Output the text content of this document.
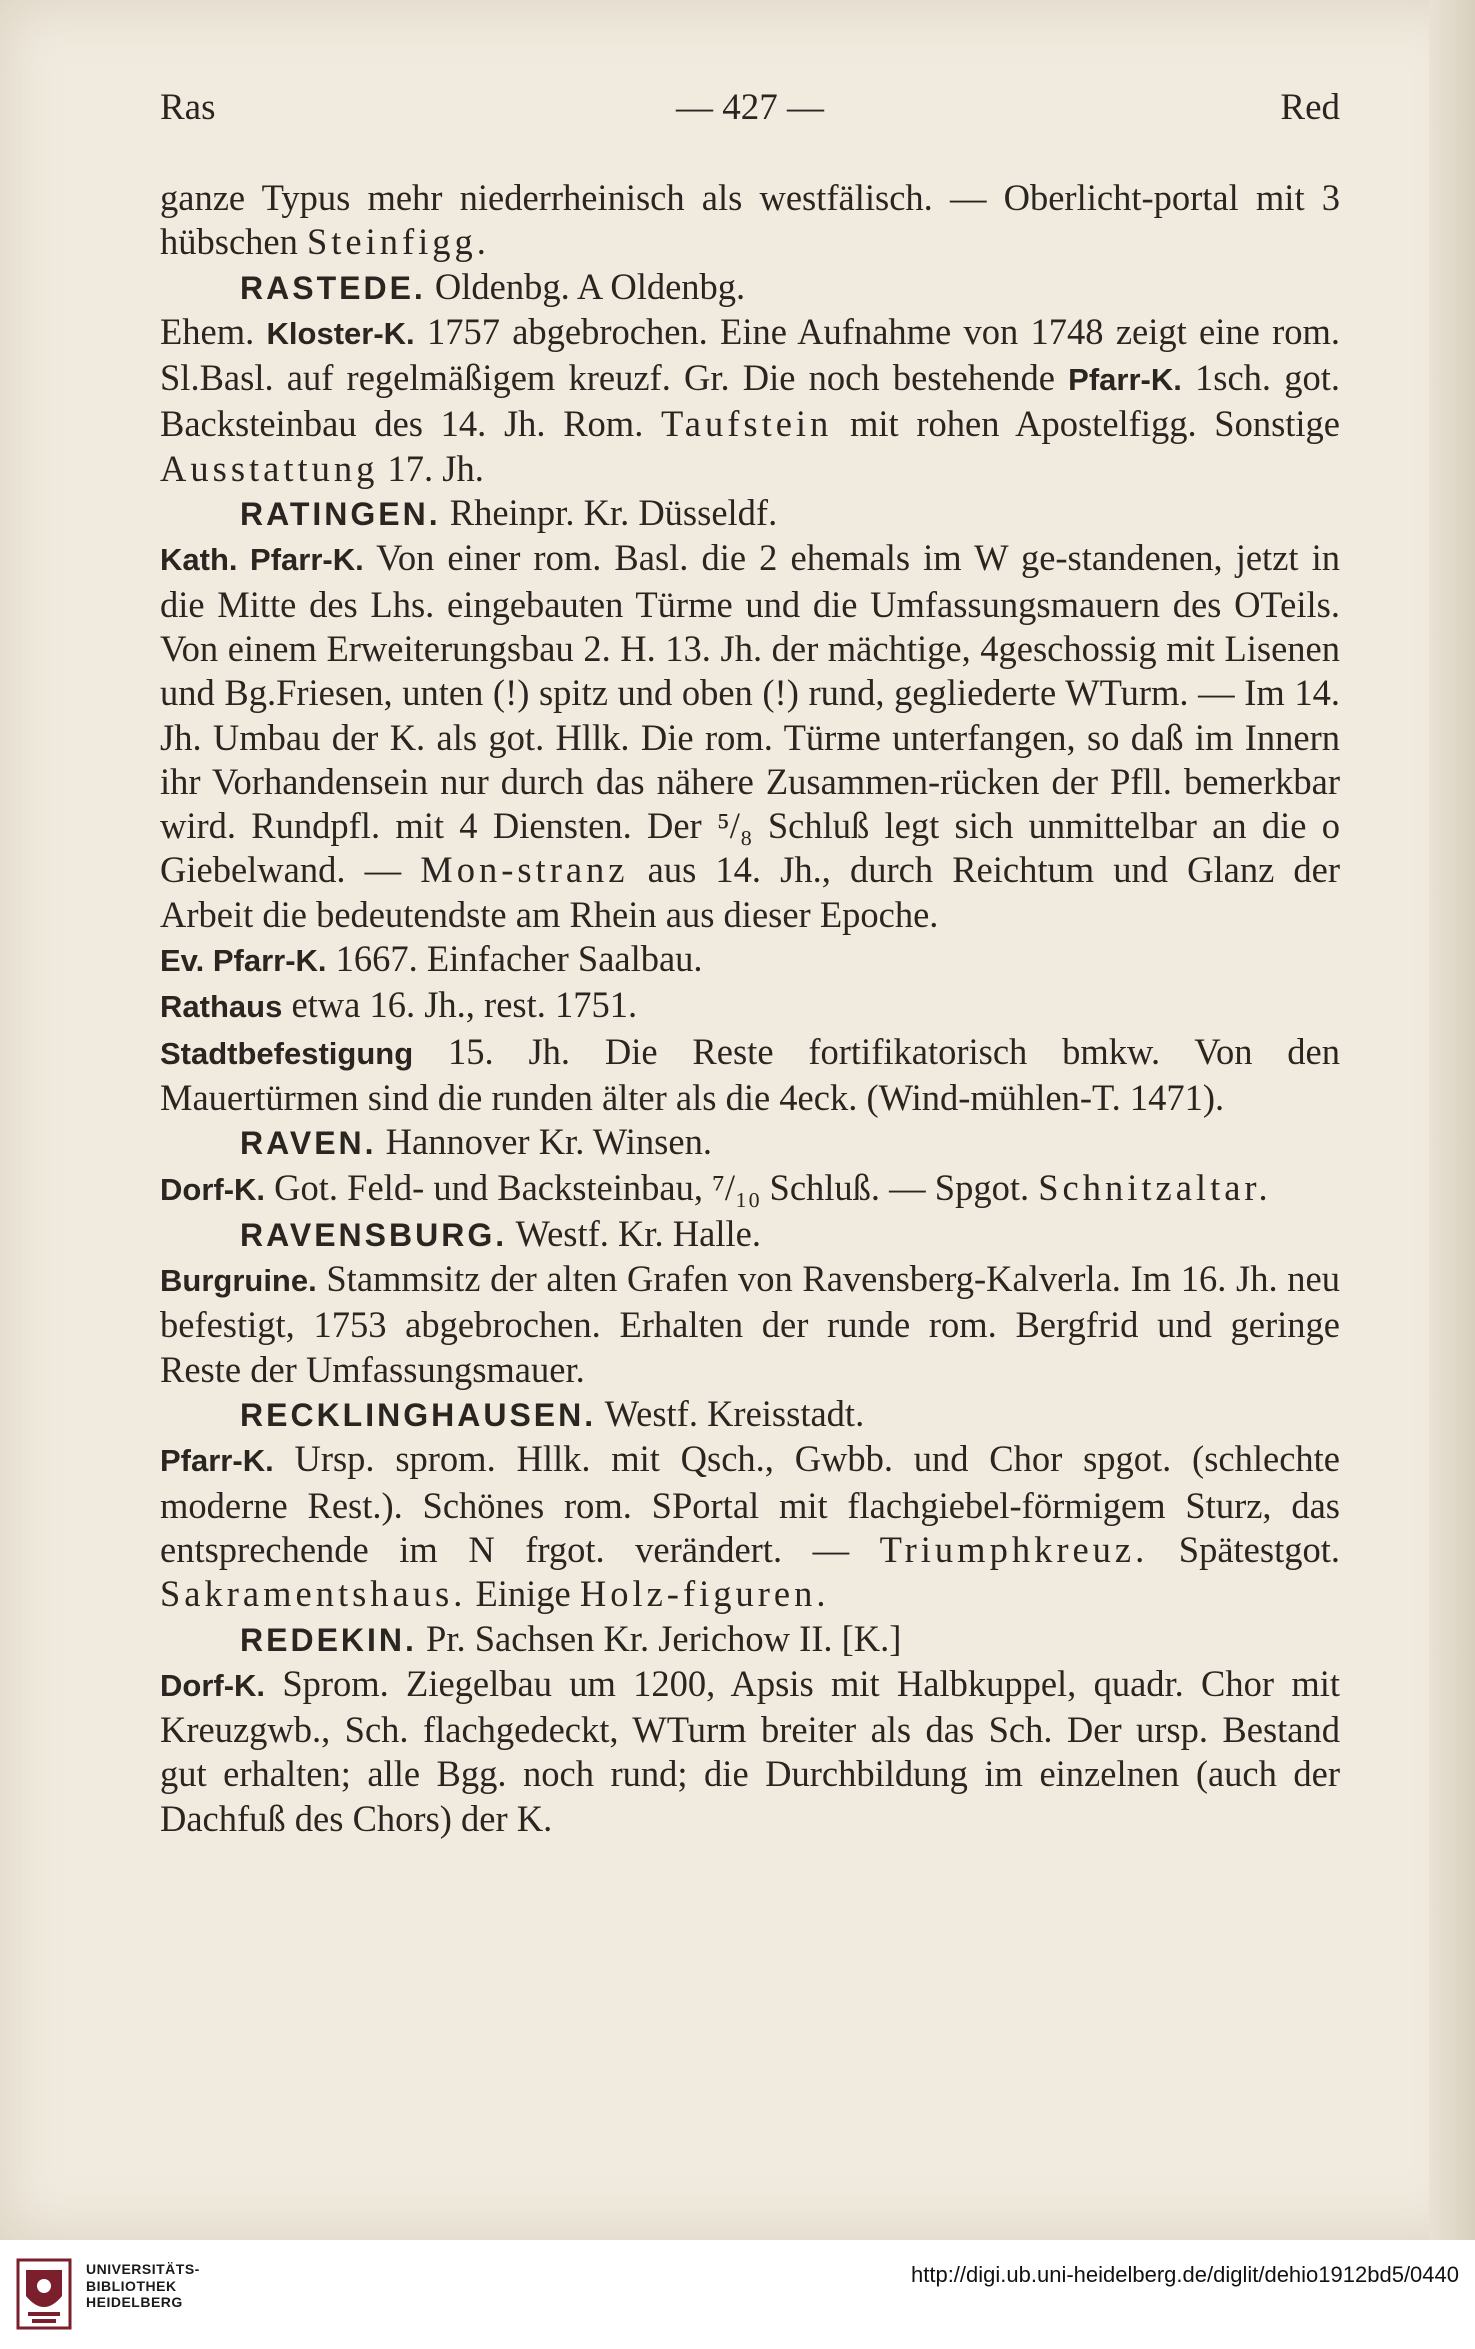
Ras	— 427 —	Red

ganze Typus mehr niederrheinisch als westfälisch. — Oberlicht-portal mit 3 hübschen Steinfigg.

RASTEDE. Oldenbg. A Oldenbg.

Ehem. Kloster-K. 1757 abgebrochen. Eine Aufnahme von 1748 zeigt eine rom. Sl.Basl. auf regelmäßigem kreuzf. Gr. Die noch bestehende Pfarr-K. 1sch. got. Backsteinbau des 14. Jh. Rom. Taufstein mit rohen Apostelfigg. Sonstige Ausstattung 17. Jh.

RATINGEN. Rheinpr. Kr. Düsseldf.

Kath. Pfarr-K. Von einer rom. Basl. die 2 ehemals im W ge-standenen, jetzt in die Mitte des Lhs. eingebauten Türme und die Umfassungsmauern des OTeils. Von einem Erweiterungsbau 2. H. 13. Jh. der mächtige, 4geschossig mit Lisenen und Bg.Friesen, unten (!) spitz und oben (!) rund, gegliederte WTurm. — Im 14. Jh. Umbau der K. als got. Hllk. Die rom. Türme unterfangen, so daß im Innern ihr Vorhandensein nur durch das nähere Zusammen-rücken der Pfll. bemerkbar wird. Rundpfl. mit 4 Diensten. Der ⁵/₈ Schluß legt sich unmittelbar an die o Giebelwand. — Mon-stranz aus 14. Jh., durch Reichtum und Glanz der Arbeit die bedeutendste am Rhein aus dieser Epoche.

Ev. Pfarr-K. 1667. Einfacher Saalbau.

Rathaus etwa 16. Jh., rest. 1751.

Stadtbefestigung 15. Jh. Die Reste fortifikatorisch bmkw. Von den Mauertürmen sind die runden älter als die 4eck. (Wind-mühlen-T. 1471).

RAVEN. Hannover Kr. Winsen.

Dorf-K. Got. Feld- und Backsteinbau, ⁷/₁₀ Schluß. — Spgot. Schnitzaltar.

RAVENSBURG. Westf. Kr. Halle.

Burgruine. Stammsitz der alten Grafen von Ravensberg-Kalverla. Im 16. Jh. neu befestigt, 1753 abgebrochen. Erhalten der runde rom. Bergfrid und geringe Reste der Umfassungsmauer.

RECKLINGHAUSEN. Westf. Kreisstadt.

Pfarr-K. Ursp. sprom. Hllk. mit Qsch., Gwbb. und Chor spgot. (schlechte moderne Rest.). Schönes rom. SPortal mit flachgiebel-förmigem Sturz, das entsprechende im N frgot. verändert. — Triumphkreuz. Spätestgot. Sakramentshaus. Einige Holz-figuren.

REDEKIN. Pr. Sachsen Kr. Jerichow II. [K.]

Dorf-K. Sprom. Ziegelbau um 1200, Apsis mit Halbkuppel, quadr. Chor mit Kreuzgwb., Sch. flachgedeckt, WTurm breiter als das Sch. Der ursp. Bestand gut erhalten; alle Bgg. noch rund; die Durchbildung im einzelnen (auch der Dachfuß des Chors) der K.

UNIVERSITÄTS-
BIBLIOTHEK
HEIDELBERG
http://digi.ub.uni-heidelberg.de/diglit/dehio1912bd5/0440
